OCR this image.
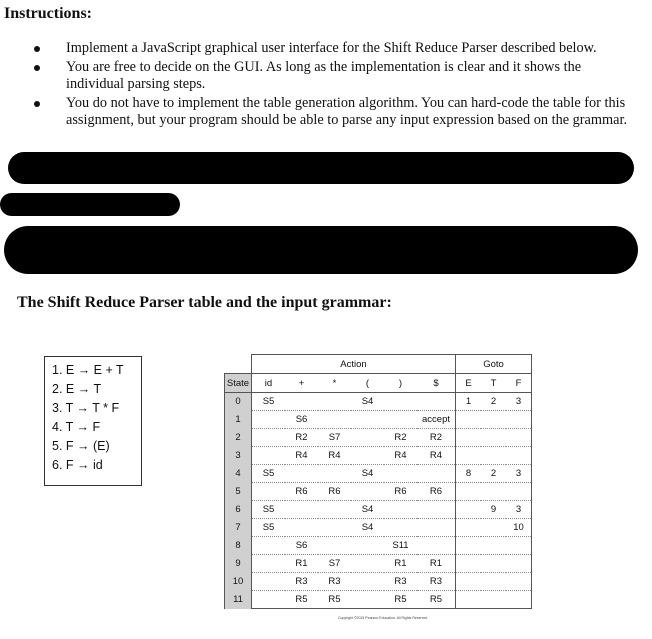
Instructions:
Implement a JavaScript graphical user interface for the Shift Reduce Parser described below.
You are free to decide on the GUI. As long as the implementation is clear and it shows the individual parsing steps.
You do not have to implement the table generation algorithm. You can hard-code the table for this assignment, but your program should be able to parse any input expression based on the grammar.
The Shift Reduce Parser table and the input grammar:
1. E → E + T
2. E → T
3. T → T * F
4. T → F
5. F → (E)
6. F → id
	Action						Goto		
State	id	+	*	(	)	$	E	T	F
0	S5			S4			1	2	3
1		S6				accept			
2		R2	S7		R2	R2			
3		R4	R4		R4	R4			
4	S5			S4			8	2	3
5		R6	R6		R6	R6			
6	S5			S4				9	3
7	S5			S4					10
8		S6			S11				
9		R1	S7		R1	R1			
10		R3	R3		R3	R3			
11		R5	R5		R5	R5			
Copyright ©2015 Pearson Education, All Rights Reserved
